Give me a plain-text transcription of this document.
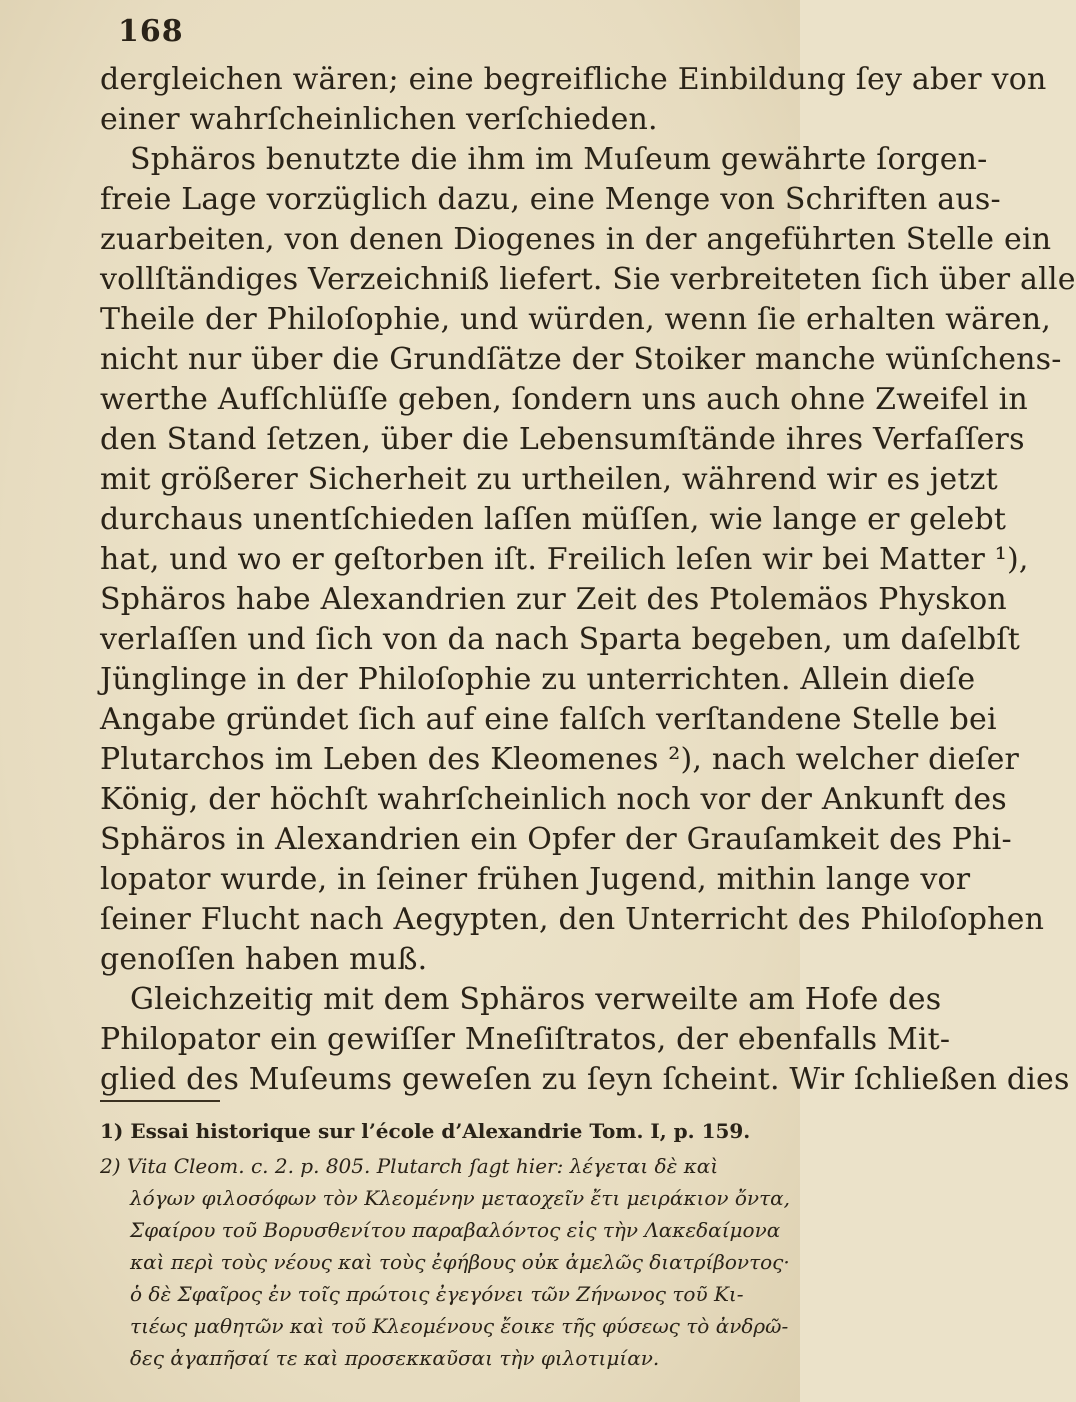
168
dergleichen wären; eine begreifliche Einbildung ſey aber von
einer wahrſcheinlichen verſchieden.
Sphäros benutzte die ihm im Muſeum gewährte ſorgen-
freie Lage vorzüglich dazu, eine Menge von Schriften aus-
zuarbeiten, von denen Diogenes in der angeführten Stelle ein
vollſtändiges Verzeichniß liefert. Sie verbreiteten ſich über alle
Theile der Philoſophie, und würden, wenn ſie erhalten wären,
nicht nur über die Grundſätze der Stoiker manche wünſchens-
werthe Aufſchlüſſe geben, ſondern uns auch ohne Zweifel in
den Stand ſetzen, über die Lebensumſtände ihres Verfaſſers
mit größerer Sicherheit zu urtheilen, während wir es jetzt
durchaus unentſchieden laſſen müſſen, wie lange er gelebt
hat, und wo er geſtorben iſt. Freilich leſen wir bei Matter ¹),
Sphäros habe Alexandrien zur Zeit des Ptolemäos Physkon
verlaſſen und ſich von da nach Sparta begeben, um daſelbſt
Jünglinge in der Philoſophie zu unterrichten. Allein dieſe
Angabe gründet ſich auf eine falſch verſtandene Stelle bei
Plutarchos im Leben des Kleomenes ²), nach welcher dieſer
König, der höchſt wahrſcheinlich noch vor der Ankunft des
Sphäros in Alexandrien ein Opfer der Grauſamkeit des Phi-
lopator wurde, in ſeiner frühen Jugend, mithin lange vor
ſeiner Flucht nach Aegypten, den Unterricht des Philoſophen
genoſſen haben muß.
Gleichzeitig mit dem Sphäros verweilte am Hofe des
Philopator ein gewiſſer Mneſiſtratos, der ebenfalls Mit-
glied des Muſeums geweſen zu ſeyn ſcheint. Wir ſchließen dies
1) Essai historique sur l’école d’Alexandrie Tom. I, p. 159.
2) Vita Cleom. c. 2. p. 805. Plutarch ſagt hier: λέγεται δὲ καὶ
λόγων φιλοσόφων τὸν Κλεομένην μεταοχεῖν ἔτι μειράκιον ὄντα,
Σφαίρου τοῦ Βορυσθενίτου παραβαλόντος εἰς τὴν Λακεδαίμονα
καὶ περὶ τοὺς νέους καὶ τοὺς ἐφήβους οὐκ ἀμελῶς διατρίβοντος·
ὁ δὲ Σφαῖρος ἐν τοῖς πρώτοις ἐγεγόνει τῶν Ζήνωνος τοῦ Κι-
τιέως μαθητῶν καὶ τοῦ Κλεομένους ἔοικε τῆς φύσεως τὸ ἀνδρῶ-
δες ἀγαπῆσαί τε καὶ προσεκκαῦσαι τὴν φιλοτιμίαν.
